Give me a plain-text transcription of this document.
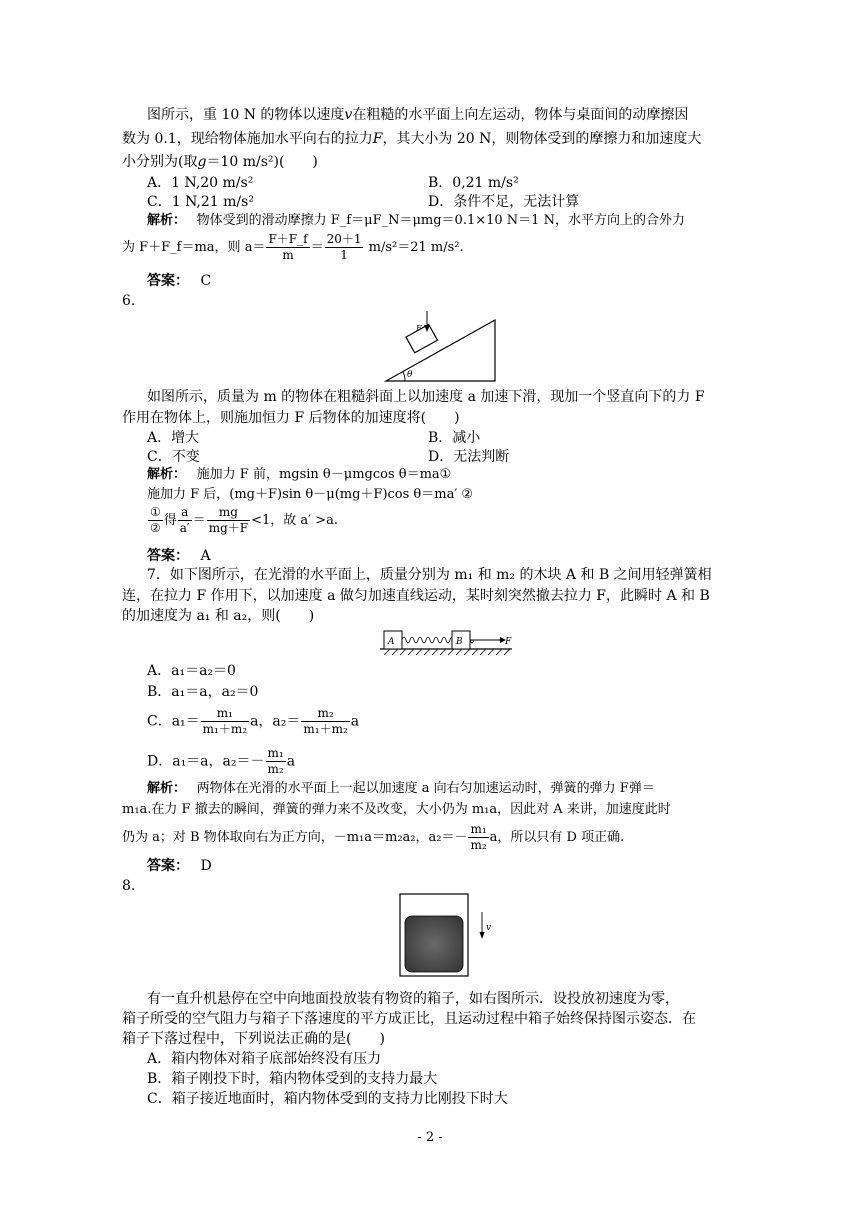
图所示，重 10 N 的物体以速度v在粗糙的水平面上向左运动，物体与桌面间的动摩擦因
数为 0.1，现给物体施加水平向右的拉力F，其大小为 20 N，则物体受到的摩擦力和加速度大
小分别为(取g＝10 m/s²)(　　)
A．1 N,20 m/s²	B．0,21 m/s²
C．1 N,21 m/s²	D．条件不足，无法计算
解析：　 物体受到的滑动摩擦力 F_f＝μF_N＝μmg＝0.1×10 N＝1 N，水平方向上的合外力
为 F＋F_f＝ma，则 $a= \frac{F+F\_f}{m} = \frac{20+1}{1} m/s^2=21$ m/s².
答案：　 C
6.
F
θ
如图所示，质量为 m 的物体在粗糙斜面上以加速度 a 加速下滑，现加一个竖直向下的力 F
作用在物体上，则施加恒力 F 后物体的加速度将(　　)
A．增大	B．减小
C．不变	D．无法判断
解析：　 施加力 F 前，mgsin θ－μmgcos θ＝ma①
施加力 F 后，(mg＋F)sin θ－μ(mg＋F)cos θ＝ma′ ②
$\frac{\text{①}}{\text{②}}$ 得 $\frac{a}{a'} = \frac{mg}{mg+F} <1$，故 a′ >a.
答案：　 A
7．如下图所示，在光滑的水平面上，质量分别为 m₁ 和 m₂ 的木块 A 和 B 之间用轻弹簧相
连，在拉力 F 作用下，以加速度 a 做匀加速直线运动，某时刻突然撤去拉力 F，此瞬时 A 和 B
的加速度为 a₁ 和 a₂，则(　　)
A	B	F
A．a₁＝a₂＝0
B．a₁＝a，a₂＝0
C．$a_1= \frac{\text{m₁}}{\text{m₁＋m₂}}$ a，$a_2= \frac{\text{m₂}}{\text{m₁＋m₂}}$ a
D．a₁＝a，$a_2=- \frac{\text{m₁}}{\text{m₂}}$ a
解析：　 两物体在光滑的水平面上一起以加速度 a 向右匀加速运动时，弹簧的弹力 F弹＝
m₁a.在力 F 撤去的瞬间，弹簧的弹力来不及改变，大小仍为 m₁a，因此对 A 来讲，加速度此时
仍为 a；对 B 物体取向右为正方向，－m₁a＝m₂a₂，$a_2=- \frac{\text{m₁}}{\text{m₂}}$ a，所以只有 D 项正确.
答案：　 D
8.
v
有一直升机悬停在空中向地面投放装有物资的箱子，如右图所示．设投放初速度为零，
箱子所受的空气阻力与箱子下落速度的平方成正比，且运动过程中箱子始终保持图示姿态．在
箱子下落过程中，下列说法正确的是(　　)
A．箱内物体对箱子底部始终没有压力
B．箱子刚投下时，箱内物体受到的支持力最大
C．箱子接近地面时，箱内物体受到的支持力比刚投下时大
- 2 -
